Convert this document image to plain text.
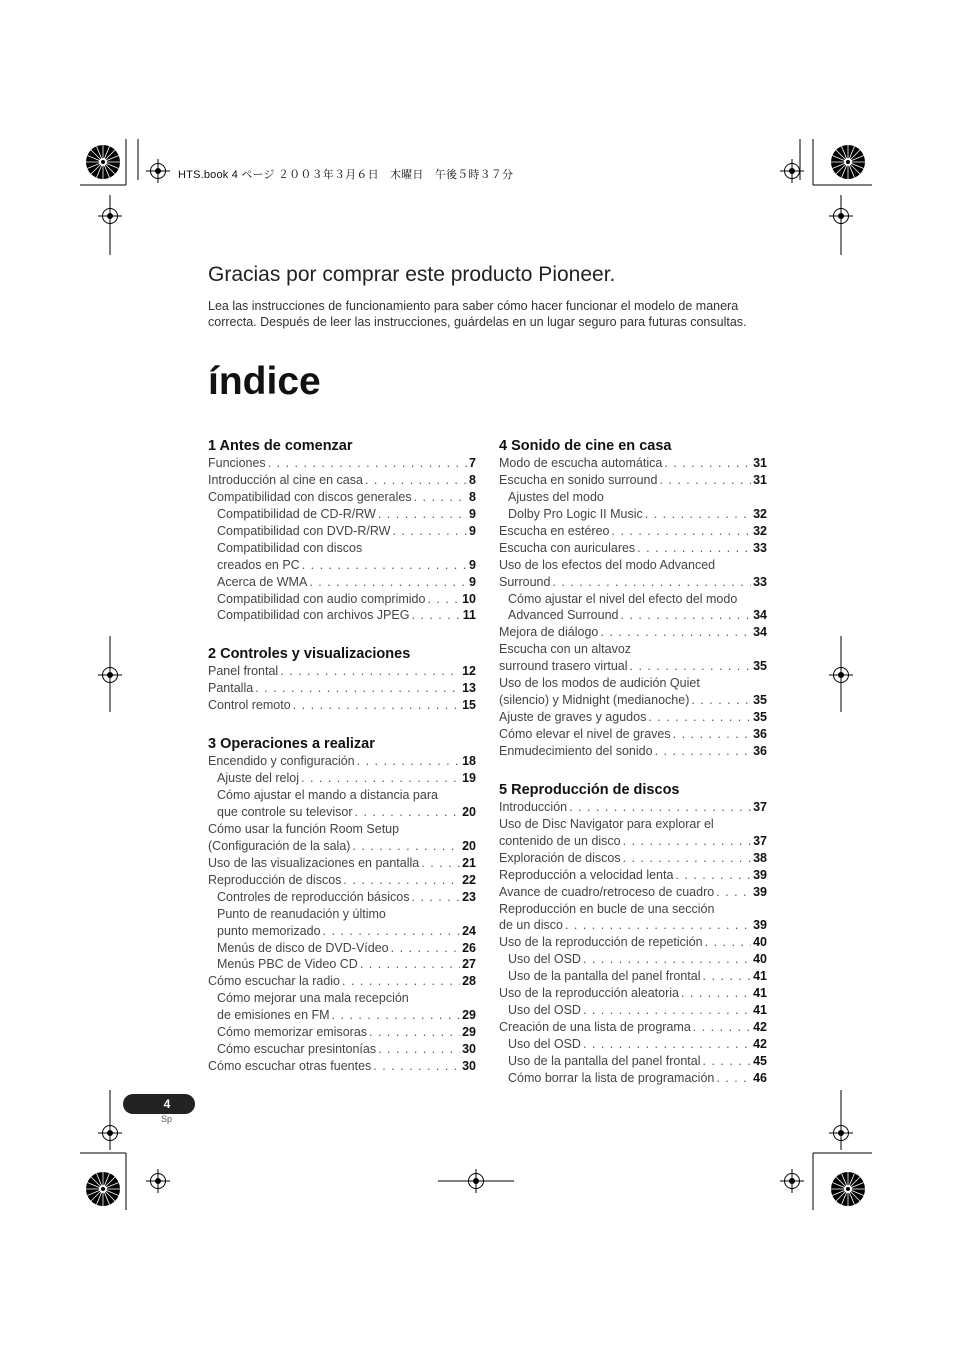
HTS.book 4 ページ ２００３年３月６日　木曜日　午後５時３７分
Gracias por comprar este producto Pioneer.
Lea las instrucciones de funcionamiento para saber cómo hacer funcionar el modelo de manera correcta. Después de leer las instrucciones, guárdelas en un lugar seguro para futuras consultas.
índice
1 Antes de comenzar
Funciones . . .	7
Introducción al cine en casa . . .	8
Compatibilidad con discos generales . . .	8
Compatibilidad de CD-R/RW . . .	9
Compatibilidad con DVD-R/RW . . .	9
Compatibilidad con discos
creados en PC . . .	9
Acerca de WMA . . .	9
Compatibilidad con audio comprimido . . .	10
Compatibilidad con archivos JPEG . . .	11
2 Controles y visualizaciones
Panel frontal . . .	12
Pantalla . . .	13
Control remoto . . .	15
3 Operaciones a realizar
Encendido y configuración . . .	18
Ajuste del reloj . . .	19
Cómo ajustar el mando a distancia para
que controle su televisor . . .	20
Cómo usar la función Room Setup
(Configuración de la sala) . . .	20
Uso de las visualizaciones en pantalla . . .	21
Reproducción de discos . . .	22
Controles de reproducción básicos . . .	23
Punto de reanudación y último
punto memorizado . . .	24
Menús de disco de DVD-Vídeo . . .	26
Menús PBC de Video CD . . .	27
Cómo escuchar la radio . . .	28
Cómo mejorar una mala recepción
de emisiones en FM . . .	29
Cómo memorizar emisoras . . .	29
Cómo escuchar presintonías . . .	30
Cómo escuchar otras fuentes . . .	30
4 Sonido de cine en casa
Modo de escucha automática . . .	31
Escucha en sonido surround . . .	31
Ajustes del modo
Dolby Pro Logic II Music . . .	32
Escucha en estéreo . . .	32
Escucha con auriculares . . .	33
Uso de los efectos del modo Advanced
Surround . . .	33
Cómo ajustar el nivel del efecto del modo
Advanced Surround . . .	34
Mejora de diálogo . . .	34
Escucha con un altavoz
surround trasero virtual . . .	35
Uso de los modos de audición Quiet
(silencio) y Midnight (medianoche) . . .	35
Ajuste de graves y agudos . . .	35
Cómo elevar el nivel de graves . . .	36
Enmudecimiento del sonido . . .	36
5 Reproducción de discos
Introducción . . .	37
Uso de Disc Navigator para explorar el
contenido de un disco . . .	37
Exploración de discos . . .	38
Reproducción a velocidad lenta . . .	39
Avance de cuadro/retroceso de cuadro . . .	39
Reproducción en bucle de una sección
de un disco . . .	39
Uso de la reproducción de repetición . . .	40
Uso del OSD . . .	40
Uso de la pantalla del panel frontal . . .	41
Uso de la reproducción aleatoria . . .	41
Uso del OSD . . .	41
Creación de una lista de programa . . .	42
Uso del OSD . . .	42
Uso de la pantalla del panel frontal . . .	45
Cómo borrar la lista de programación . . .	46
4
Sp
